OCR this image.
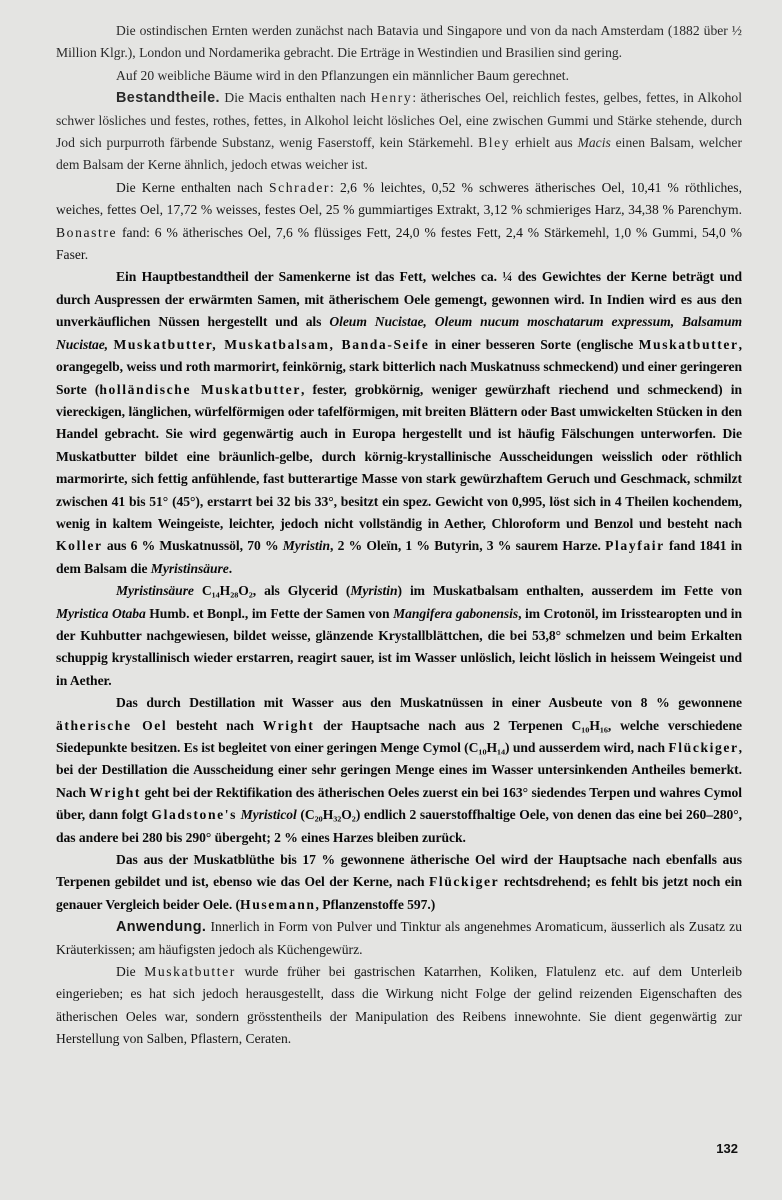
Die ostindischen Ernten werden zunächst nach Batavia und Singapore und von da nach Amsterdam (1882 über ½ Million Klgr.), London und Nordamerika gebracht. Die Erträge in Westindien und Brasilien sind gering.

Auf 20 weibliche Bäume wird in den Pflanzungen ein männlicher Baum gerechnet.

Bestandtheile. Die Macis enthalten nach Henry: ätherisches Oel, reichlich festes, gelbes, fettes, in Alkohol schwer lösliches und festes, rothes, fettes, in Alkohol leicht lösliches Oel, eine zwischen Gummi und Stärke stehende, durch Jod sich purpurroth färbende Substanz, wenig Faserstoff, kein Stärkemehl. Bley erhielt aus Macis einen Balsam, welcher dem Balsam der Kerne ähnlich, jedoch etwas weicher ist.

Die Kerne enthalten nach Schrader: 2,6 % leichtes, 0,52 % schweres ätherisches Oel, 10,41 % röthliches, weiches, fettes Oel, 17,72 % weisses, festes Oel, 25 % gummiartiges Extrakt, 3,12 % schmieriges Harz, 34,38 % Parenchym. Bonastre fand: 6 % ätherisches Oel, 7,6 % flüssiges Fett, 24,0 % festes Fett, 2,4 % Stärkemehl, 1,0 % Gummi, 54,0 % Faser.

Ein Hauptbestandtheil der Samenkerne ist das Fett, welches ca. ¼ des Gewichtes der Kerne beträgt und durch Auspressen der erwärmten Samen, mit ätherischem Oele gemengt, gewonnen wird. In Indien wird es aus den unverkäuflichen Nüssen hergestellt und als Oleum Nucistae, Oleum nucum moschatarum expressum, Balsamum Nucistae, Muskatbutter, Muskatbalsam, Banda-Seife in einer besseren Sorte (englische Muskatbutter, orangegelb, weiss und roth marmorirt, feinkörnig, stark bitterlich nach Muskatnuss schmeckend) und einer geringeren Sorte (holländische Muskatbutter, fester, grobkörnig, weniger gewürzhaft riechend und schmeckend) in viereckigen, länglichen, würfelförmigen oder tafelförmigen, mit breiten Blättern oder Bast umwickelten Stücken in den Handel gebracht. Sie wird gegenwärtig auch in Europa hergestellt und ist häufig Fälschungen unterworfen. Die Muskatbutter bildet eine bräunlich-gelbe, durch körnig-krystallinische Ausscheidungen weisslich oder röthlich marmorirte, sich fettig anfühlende, fast butterartige Masse von stark gewürzhaftem Geruch und Geschmack, schmilzt zwischen 41 bis 51° (45°), erstarrt bei 32 bis 33°, besitzt ein spez. Gewicht von 0,995, löst sich in 4 Theilen kochendem, wenig in kaltem Weingeiste, leichter, jedoch nicht vollständig in Aether, Chloroform und Benzol und besteht nach Koller aus 6 % Muskatnussöl, 70 % Myristin, 2 % Oleïn, 1 % Butyrin, 3 % saurem Harze. Playfair fand 1841 in dem Balsam die Myristinsäure.

Myristinsäure C₁₄H₂₈O₂, als Glycerid (Myristin) im Muskatbalsam enthalten, ausserdem im Fette von Myristica Otaba Humb. et Bonpl., im Fette der Samen von Mangifera gabonensis, im Crotonöl, im Irisstearopten und in der Kuhbutter nachgewiesen, bildet weisse, glänzende Krystallblättchen, die bei 53,8° schmelzen und beim Erkalten schuppig krystallinisch wieder erstarren, reagirt sauer, ist im Wasser unlöslich, leicht löslich in heissem Weingeist und in Aether.

Das durch Destillation mit Wasser aus den Muskatnüssen in einer Ausbeute von 8 % gewonnene ätherische Oel besteht nach Wright der Hauptsache nach aus 2 Terpenen C₁₀H₁₆, welche verschiedene Siedepunkte besitzen. Es ist begleitet von einer geringen Menge Cymol (C₁₀H₁₄) und ausserdem wird, nach Flückiger, bei der Destillation die Ausscheidung einer sehr geringen Menge eines im Wasser untersinkenden Antheiles bemerkt. Nach Wright geht bei der Rektifikation des ätherischen Oeles zuerst ein bei 163° siedendes Terpen und wahres Cymol über, dann folgt Gladstone's Myristicol (C₂₀H₃₂O₂) endlich 2 sauerstoffhaltige Oele, von denen das eine bei 260–280°, das andere bei 280 bis 290° übergeht; 2 % eines Harzes bleiben zurück.

Das aus der Muskatblüthe bis 17 % gewonnene ätherische Oel wird der Hauptsache nach ebenfalls aus Terpenen gebildet und ist, ebenso wie das Oel der Kerne, nach Flückiger rechtsdrehend; es fehlt bis jetzt noch ein genauer Vergleich beider Oele. (Husemann, Pflanzenstoffe 597.)

Anwendung. Innerlich in Form von Pulver und Tinktur als angenehmes Aromaticum, äusserlich als Zusatz zu Kräuterkissen; am häufigsten jedoch als Küchengewürz.

Die Muskatbutter wurde früher bei gastrischen Katarrhen, Koliken, Flatulenz etc. auf dem Unterleib eingerieben; es hat sich jedoch herausgestellt, dass die Wirkung nicht Folge der gelind reizenden Eigenschaften des ätherischen Oeles war, sondern grösstentheils der Manipulation des Reibens innewohnte. Sie dient gegenwärtig zur Herstellung von Salben, Pflastern, Ceraten.

132
